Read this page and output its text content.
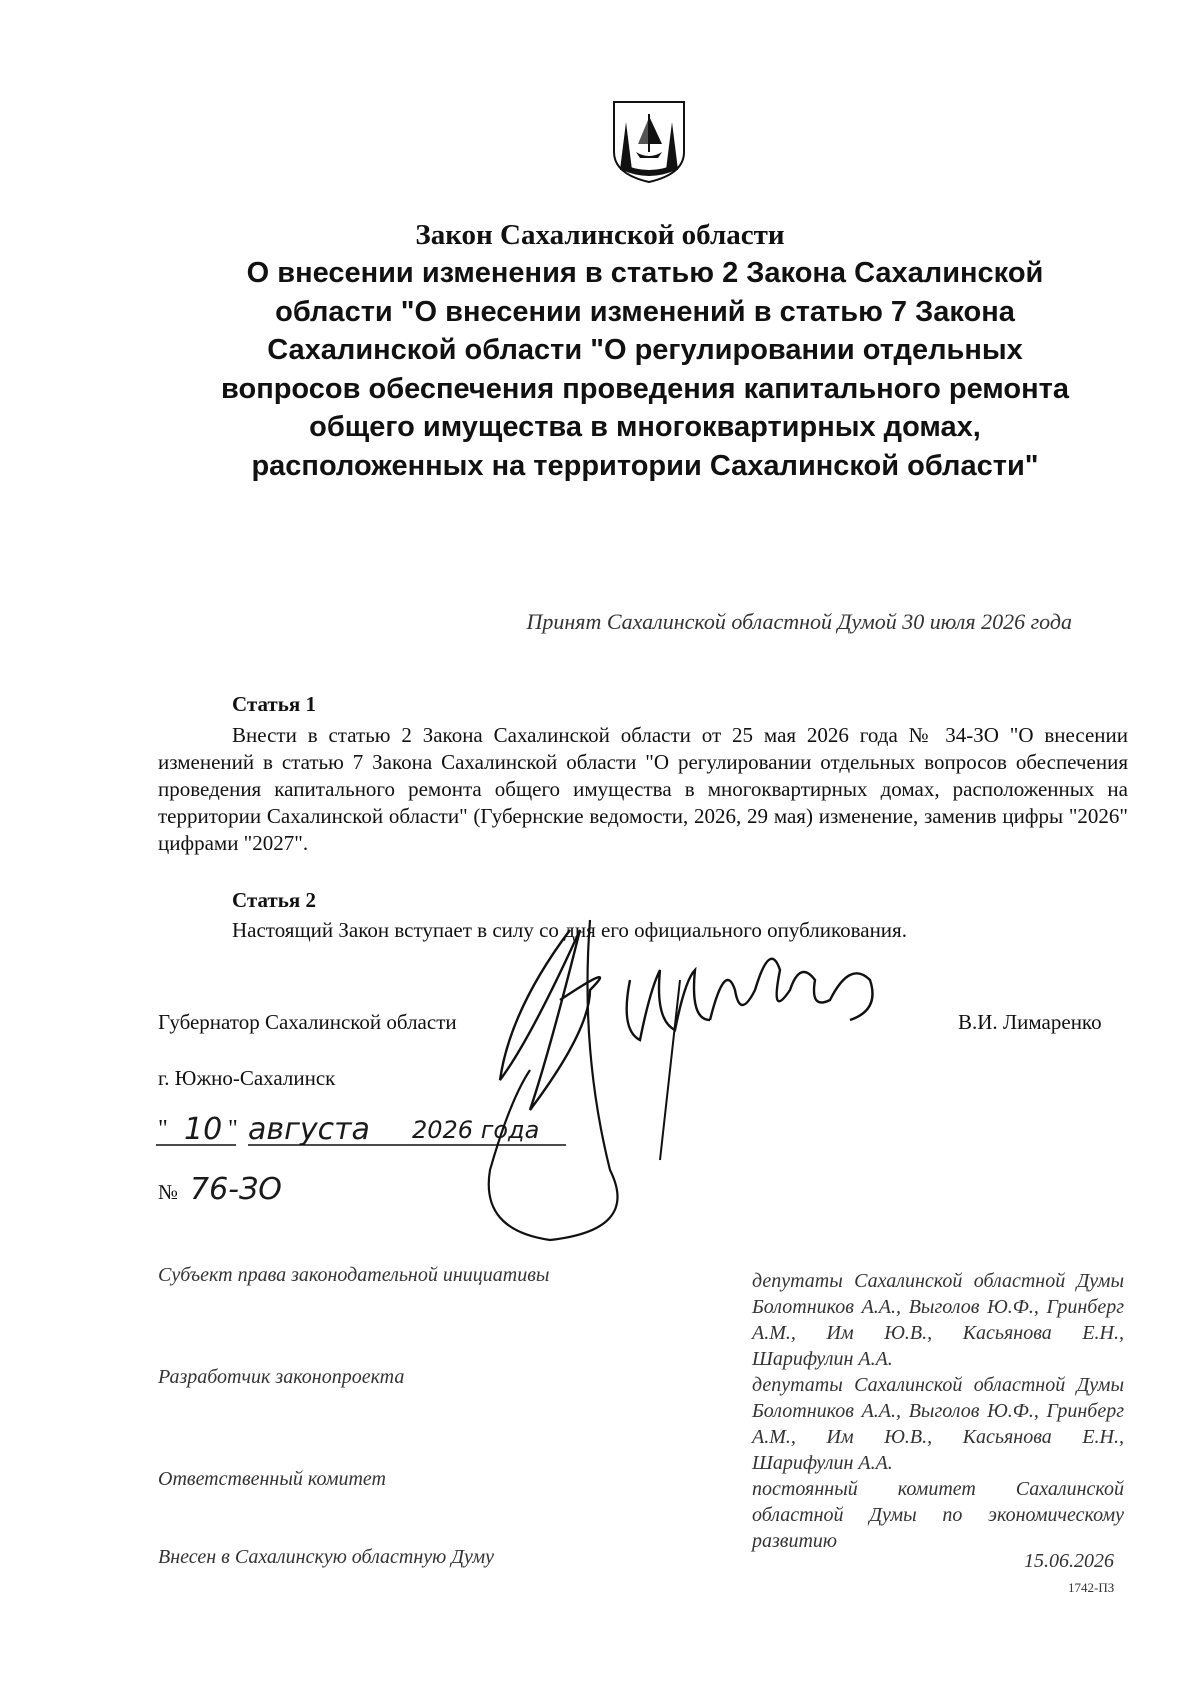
Закон Сахалинской области
О внесении изменения в статью 2 Закона Сахалинской области "О внесении изменений в статью 7 Закона Сахалинской области "О регулировании отдельных вопросов обеспечения проведения капитального ремонта общего имущества в многоквартирных домах, расположенных на территории Сахалинской области"
Принят Сахалинской областной Думой 30 июля 2026 года
Статья 1
Внести в статью 2 Закона Сахалинской области от 25 мая 2026 года № 34-ЗО "О внесении изменений в статью 7 Закона Сахалинской области "О регулировании отдельных вопросов обеспечения проведения капитального ремонта общего имущества в многоквартирных домах, расположенных на территории Сахалинской области" (Губернские ведомости, 2026, 29 мая) изменение, заменив цифры "2026" цифрами "2027".
Статья 2
Настоящий Закон вступает в силу со дня его официального опубликования.
Губернатор Сахалинской области	В.И. Лимаренко
г. Южно-Сахалинск
" 10 " августа 2026 года
№ 76-ЗО
Субъект права законодательной инициативы	депутаты Сахалинской областной Думы Болотников А.А., Выголов Ю.Ф., Гринберг А.М., Им Ю.В., Касьянова Е.Н., Шарифулин А.А.
Разработчик законопроекта	депутаты Сахалинской областной Думы Болотников А.А., Выголов Ю.Ф., Гринберг А.М., Им Ю.В., Касьянова Е.Н., Шарифулин А.А.
Ответственный комитет	постоянный комитет Сахалинской областной Думы по экономическому развитию
Внесен в Сахалинскую областную Думу	15.06.2026
1742-ПЗ
